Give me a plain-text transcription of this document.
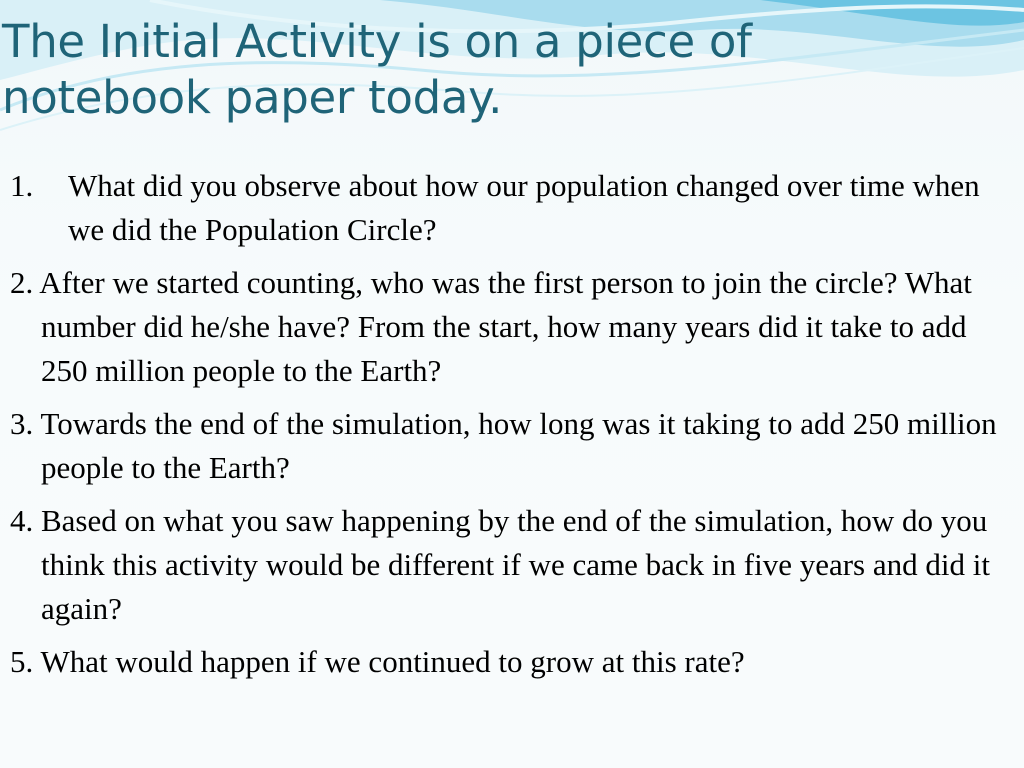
The Initial Activity is on a piece of
notebook paper today.
1.	What did you observe about how our population changed over time when we did the Population Circle?
2. After we started counting, who was the first person to join the circle? What number did he/she have? From the start, how many years did it take to add 250 million people to the Earth?
3. Towards the end of the simulation, how long was it taking to add 250 million people to the Earth?
4. Based on what you saw happening by the end of the simulation, how do you think this activity would be different if we came back in five years and did it again?
5. What would happen if we continued to grow at this rate?
